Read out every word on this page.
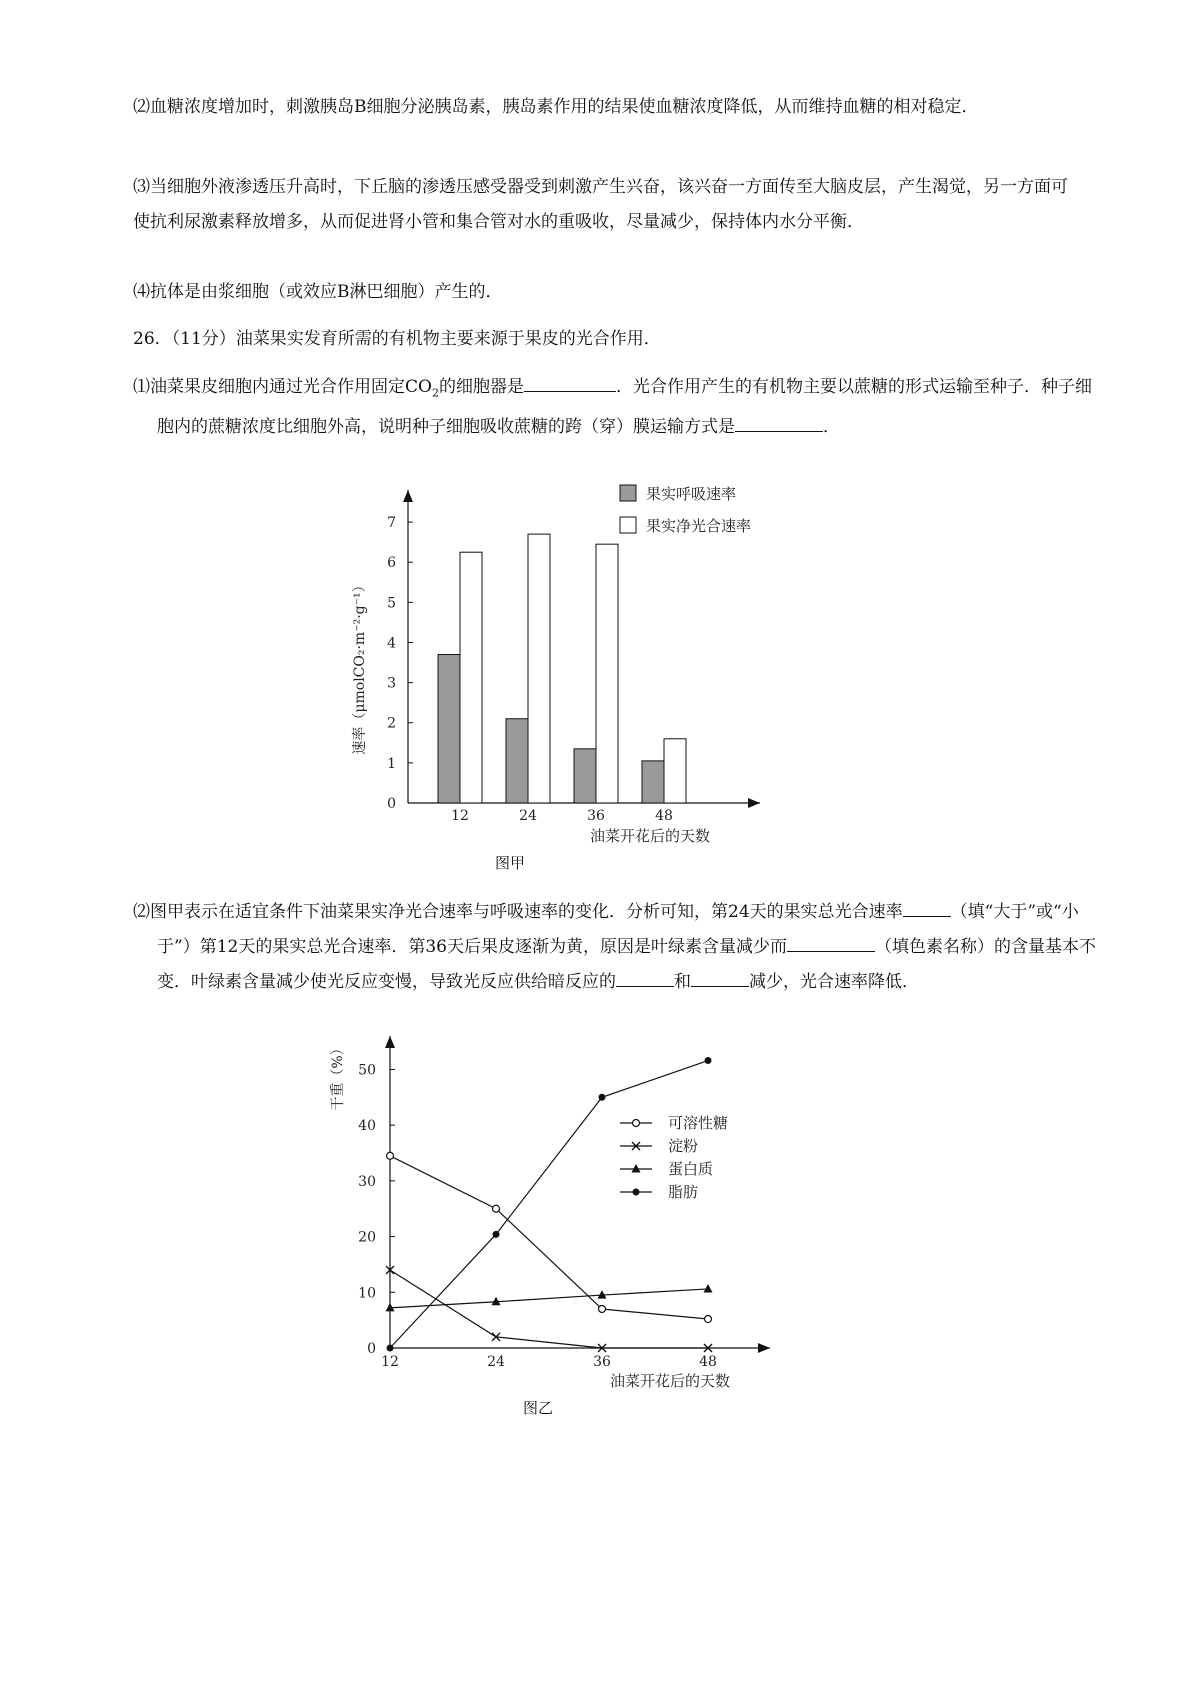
⑵血糖浓度增加时，刺激胰岛B细胞分泌胰岛素，胰岛素作用的结果使血糖浓度降低，从而维持血糖的相对稳定．

⑶当细胞外液渗透压升高时，下丘脑的渗透压感受器受到刺激产生兴奋，该兴奋一方面传至大脑皮层，产生渴觉，另一方面可使抗利尿激素释放增多，从而促进肾小管和集合管对水的重吸收，尽量减少，保持体内水分平衡．

⑷抗体是由浆细胞（或效应B淋巴细胞）产生的．

26．（11分）油菜果实发育所需的有机物主要来源于果皮的光合作用．

⑴油菜果皮细胞内通过光合作用固定$CO_2$的细胞器是	．光合作用产生的有机物主要以蔗糖的形式运输至种子．种子细胞内的蔗糖浓度比细胞外高，说明种子细胞吸收蔗糖的跨（穿）膜运输方式是	．

0
1
2
3
4
5
6
7
12	24	36	48
油菜开花后的天数
速率（μmolCO₂·m⁻²·g⁻¹）
果实呼吸速率
果实净光合速率
图甲

⑵图甲表示在适宜条件下油菜果实净光合速率与呼吸速率的变化．分析可知，第24天的果实总光合速率	（填“大于”或“小于”）第12天的果实总光合速率．第36天后果皮逐渐为黄，原因是叶绿素含量减少而	（填色素名称）的含量基本不变．叶绿素含量减少使光反应变慢，导致光反应供给暗反应的	和	减少，光合速率降低．

0
10
20
30
40
50
12	24	36	48
油菜开花后的天数
干重（%）
可溶性糖
淀粉
蛋白质
脂肪
图乙
